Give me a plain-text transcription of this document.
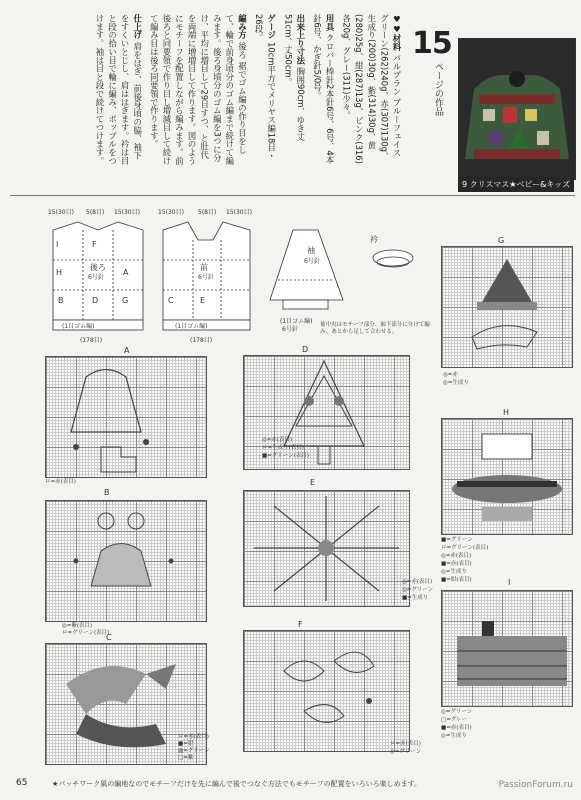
♥♥材料 パルプラン ブルーフェイス グリーン(262)240g、赤(307)130g、生成り(200)30g、紫(314)30g、黄(280)25g、紺(287)13g、ピンク(316)各20g、グレー(311)少々。

用具 クロバー棒針2本針6号、6号、4本針6号、かぎ針5/0号。

出来上り寸法 胸囲90cm、ゆき丈51cm、丈50cm。

ゲージ 10cm平方でメリヤス編18目・26段。

編み方 後ろ 裾でゴム編の作り目をして、輪で前身頃分のゴム編まで続けて編みます。後ろ身頃分のゴム編を3つに分け、平均に増目して29目すつ、と肚代を両端に増増目して作ります。図のようにモチーフを配置しながら編みます。前 後ろと同要領で作り目し増減目して続けて編み目は後ろ同要領で作ります。

仕上げ 肩をはぎ、前後身頃の脇、袖下をすくいとじし、肩ははぎます。衿は目と段の拾い目で輪に編み、ポップルをつけます。袖は目と段で続けてつけます。	15
ページの作品
9 クリスマス★ベビー&キッズ
15(30目) 5(8目) 15(30目)	15(30目) 5(8目) 15(30目)
(178目)	(178目)
後ろ
6号針
前
6号針
袖
6号針
衿
(1目ゴム編)	(1目ゴム編)
(1目ゴム編)
6号針
袖中央はモチーフ部分、袖下部分に分けて編み、あとから足して合わせる。
I	F
H
B	G
D
A
C	E
A
ロ=赤(表目)
B
◎=紫(表目)
ロ=グリーン(表目)
C
ロ=赤(表目)
■=紺
▨=グリーン
□=紫
D
◎=赤(表目)
ロ=生成り(表目)
■=グリーン(表目)
E
◎=赤(表目)
◎=グリーン
■=生成り
F
ロ=赤(表目)
◎=グリーン
G
◎=赤
◎=生成り
H
■=グリーン
ロ=グリーン(表目)
◎=赤(表目)
■=赤(表目)
◎=生成り
■=紺(表目)	I
◎=グリーン
□=グレー
■=赤(表目)
◎=生成り
65	★パッチワーク風の編地なのでモチーフだけを先に編んで後でつなぐ方法でもモチーフの配置をいろいろ楽しめます。	PassionForum.ru
